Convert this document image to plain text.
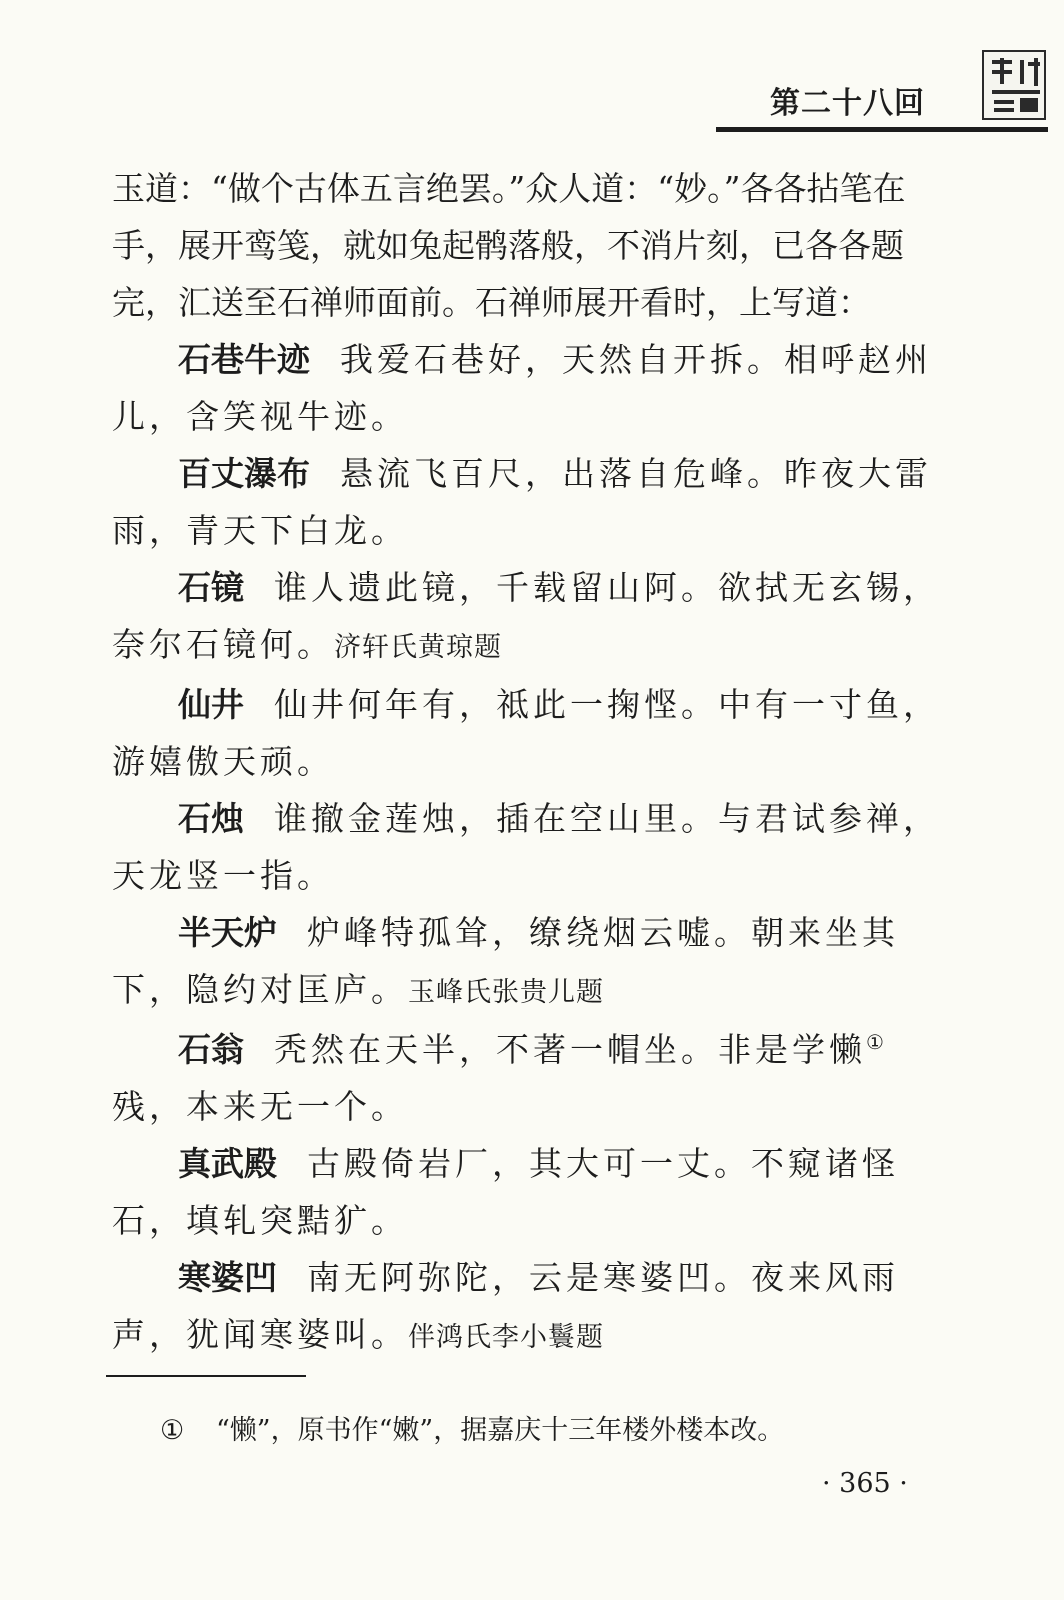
第二十八回

玉道：“做个古体五言绝罢。”众人道：“妙。”各各拈笔在手，展开鸾笺，就如兔起鹘落般，不消片刻，已各各题完，汇送至石禅师面前。石禅师展开看时，上写道：

石巷牛迹 我爱石巷好，天然自开拆。相呼赵州儿，含笑视牛迹。

百丈瀑布 悬流飞百尺，出落自危峰。昨夜大雷雨，青天下白龙。

石镜 谁人遗此镜，千载留山阿。欲拭无玄锡，奈尔石镜何。济轩氏黄琼题

仙井 仙井何年有，祗此一掬悭。中有一寸鱼，游嬉傲天顽。

石烛 谁撤金莲烛，插在空山里。与君试参禅，天龙竖一指。

半天炉 炉峰特孤耸，缭绕烟云嘘。朝来坐其下，隐约对匡庐。玉峰氏张贵儿题

石翁 秃然在天半，不著一帽坐。非是学懒①残，本来无一个。

真武殿 古殿倚岩厂，其大可一丈。不窥诸怪石，填轧突黠犷。

寒婆凹 南无阿弥陀，云是寒婆凹。夜来风雨声，犹闻寒婆叫。伴鸿氏李小鬟题

① “懒”，原书作“嫩”，据嘉庆十三年楼外楼本改。
· 365 ·
